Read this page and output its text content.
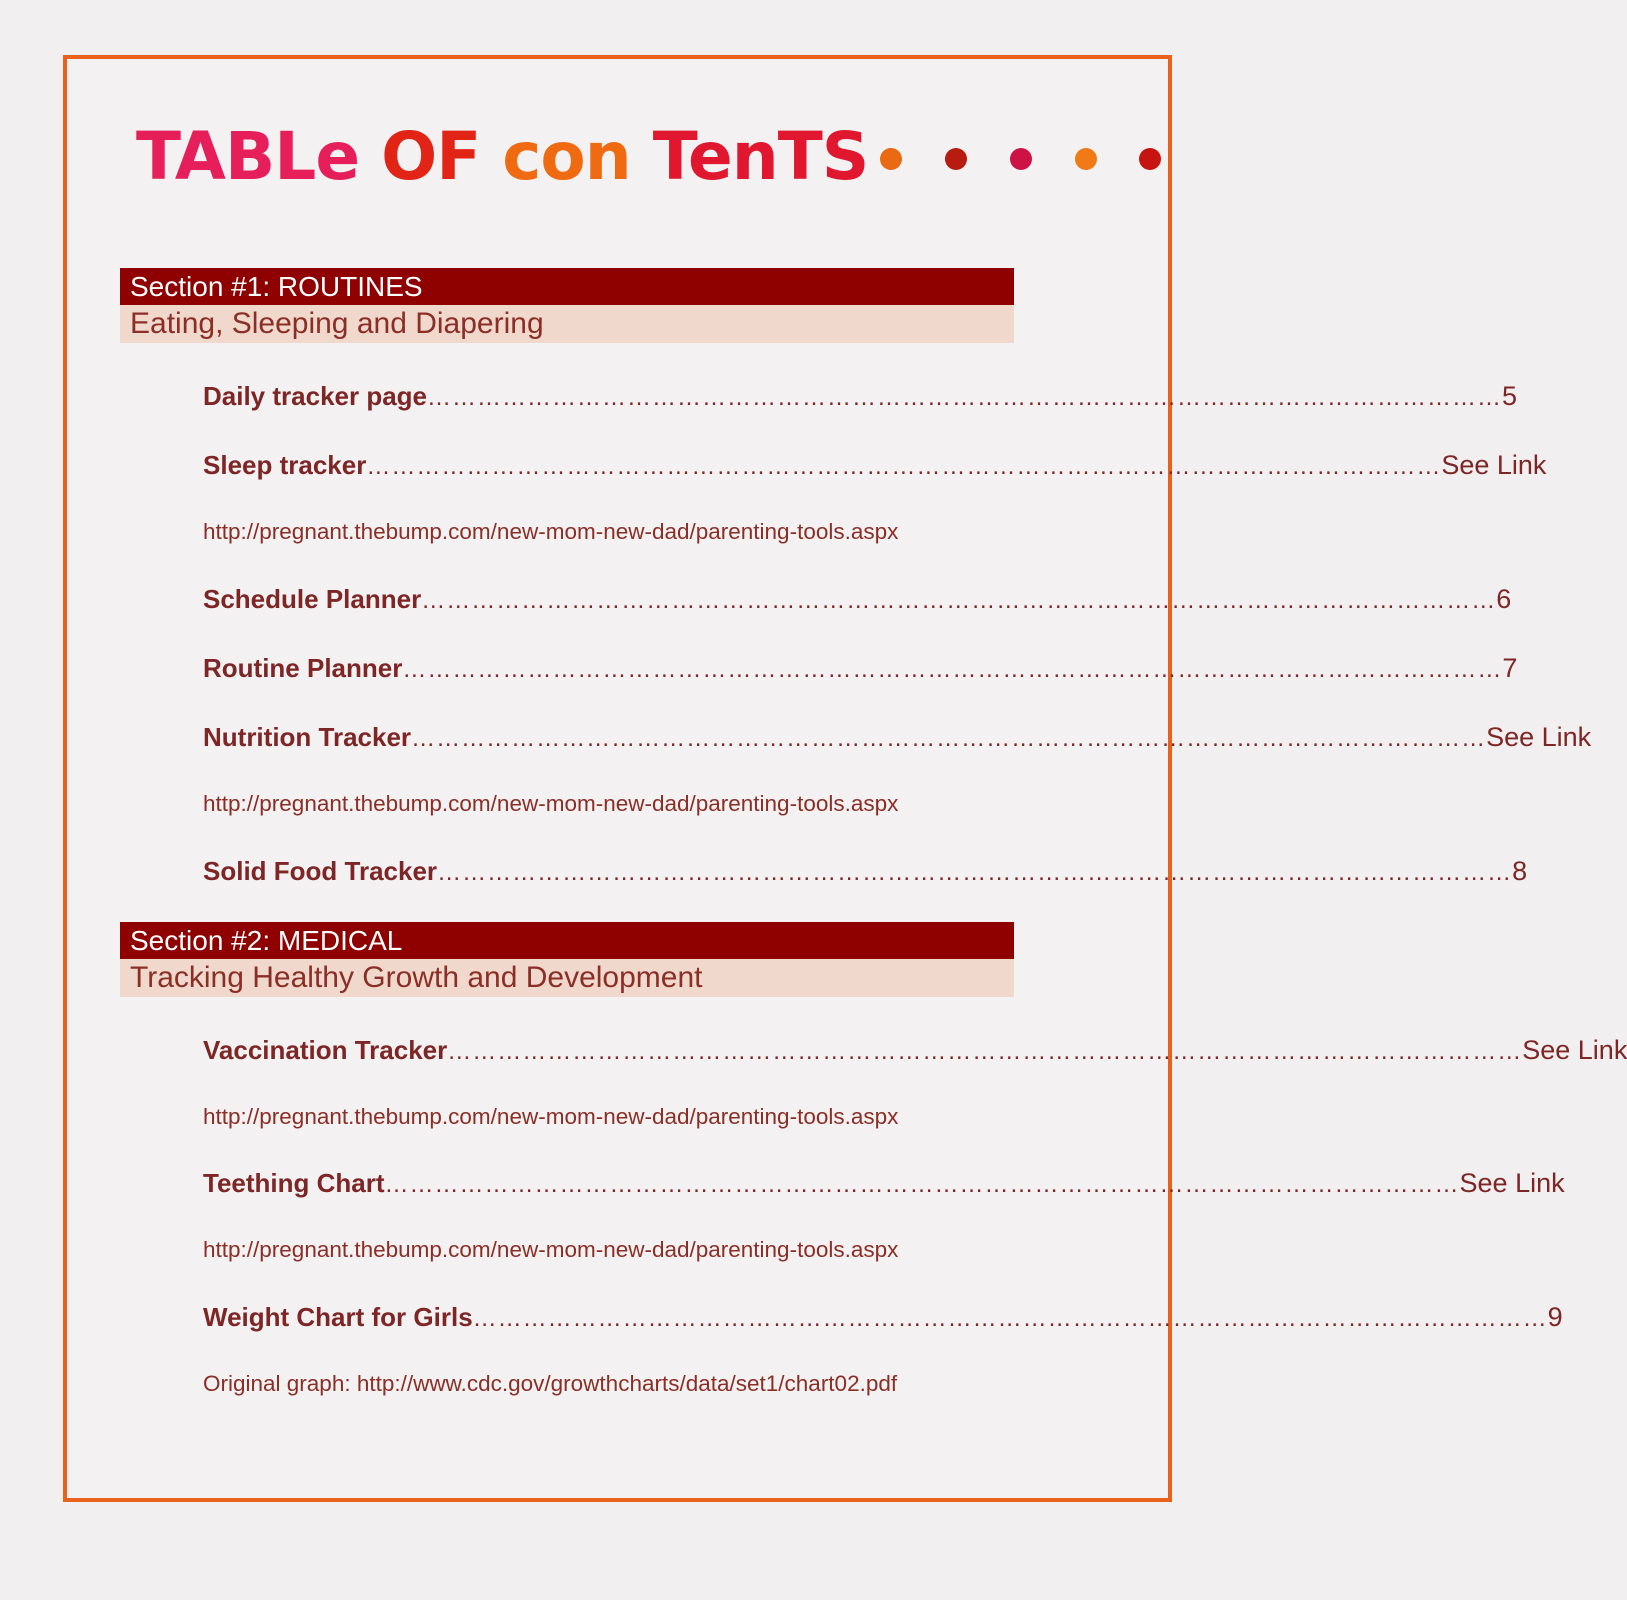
TABLe OF con TenTS
Section #1: ROUTINES
Eating, Sleeping and Diapering
Daily tracker page ………………………………………………………………………………………………………………… 5
Sleep tracker ………………………………………………………………………………………………………………… See Link
http://pregnant.thebump.com/new-mom-new-dad/parenting-tools.aspx
Schedule Planner ………………………………………………………………………………………………………………… 6
Routine Planner …………………………………………………………………………………………………………………… 7
Nutrition Tracker ………………………………………………………………………………………………………………… See Link
http://pregnant.thebump.com/new-mom-new-dad/parenting-tools.aspx
Solid Food Tracker ………………………………………………………………………………………………………………… 8
Section #2: MEDICAL
Tracking Healthy Growth and Development
Vaccination Tracker ………………………………………………………………………………………………………………… See Link
http://pregnant.thebump.com/new-mom-new-dad/parenting-tools.aspx
Teething Chart ………………………………………………………………………………………………………………… See Link
http://pregnant.thebump.com/new-mom-new-dad/parenting-tools.aspx
Weight Chart for Girls ………………………………………………………………………………………………………………… 9
Original graph: http://www.cdc.gov/growthcharts/data/set1/chart02.pdf
